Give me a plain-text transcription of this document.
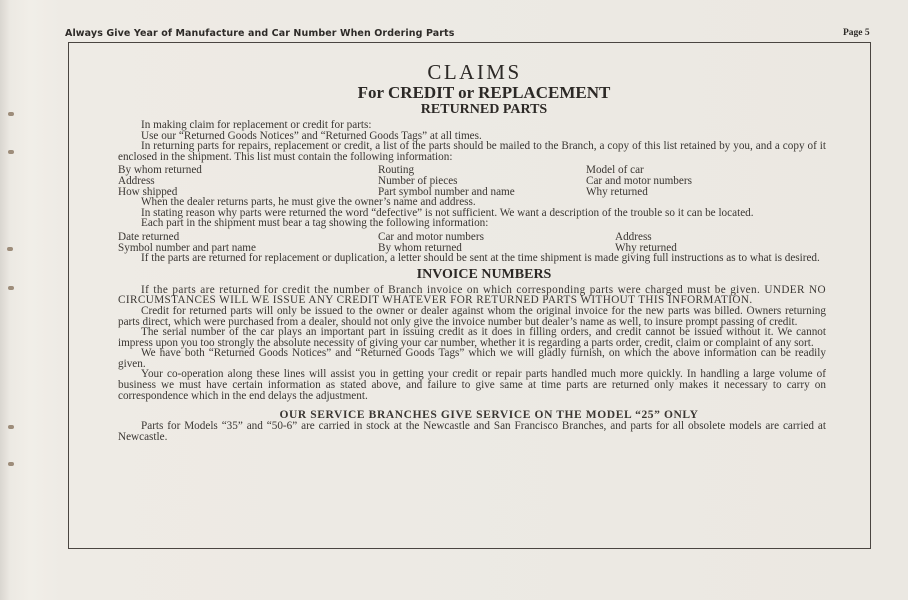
Always Give Year of Manufacture and Car Number When Ordering Parts	Page 5
CLAIMS
For CREDIT or REPLACEMENT
RETURNED PARTS

In making claim for replacement or credit for parts:

Use our “Returned Goods Notices” and “Returned Goods Tags” at all times.

In returning parts for repairs, replacement or credit, a list of the parts should be mailed to the Branch, a copy of this list retained by you, and a copy of it enclosed in the shipment. This list must contain the following information:

By whom returned	Routing	Model of car
Address	Number of pieces	Car and motor numbers
How shipped	Part symbol number and name	Why returned

When the dealer returns parts, he must give the owner’s name and address.

In stating reason why parts were returned the word “defective” is not sufficient. We want a description of the trouble so it can be located.

Each part in the shipment must bear a tag showing the following information:

Date returned	Car and motor numbers	Address
Symbol number and part name	By whom returned	Why returned

If the parts are returned for replacement or duplication, a letter should be sent at the time shipment is made giving full instructions as to what is desired.

INVOICE NUMBERS

If the parts are returned for credit the number of Branch invoice on which corresponding parts were charged must be given. UNDER NO CIRCUMSTANCES WILL WE ISSUE ANY CREDIT WHATEVER FOR RETURNED PARTS WITHOUT THIS INFORMATION.

Credit for returned parts will only be issued to the owner or dealer against whom the original invoice for the new parts was billed. Owners returning parts direct, which were purchased from a dealer, should not only give the invoice number but dealer’s name as well, to insure prompt passing of credit.

The serial number of the car plays an important part in issuing credit as it does in filling orders, and credit cannot be issued without it. We cannot impress upon you too strongly the absolute necessity of giving your car number, whether it is regarding a parts order, credit, claim or complaint of any sort.

We have both “Returned Goods Notices” and “Returned Goods Tags” which we will gladly furnish, on which the above information can be readily given.

Your co-operation along these lines will assist you in getting your credit or repair parts handled much more quickly. In handling a large volume of business we must have certain information as stated above, and failure to give same at time parts are returned only makes it necessary to carry on correspondence which in the end delays the adjustment.

OUR SERVICE BRANCHES GIVE SERVICE ON THE MODEL “25” ONLY

Parts for Models “35” and “50-6” are carried in stock at the Newcastle and San Francisco Branches, and parts for all obsolete models are carried at Newcastle.
